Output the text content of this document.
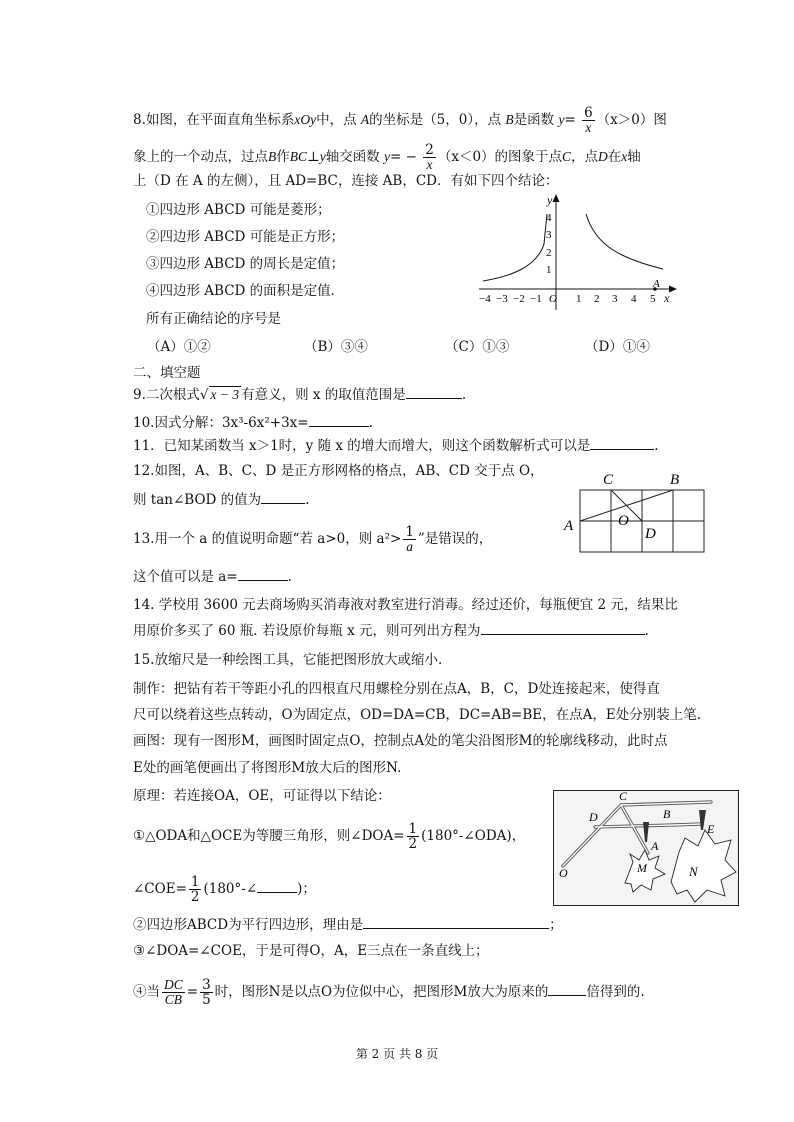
8.如图，在平面直角坐标系xOy中，点 A的坐标是（5，0），点 B是函数 $y= \frac{6}{x} (x>0)$图
象上的一个动点，过点B作BC⊥y轴交函数 $y= - \frac{2}{x} (x<0)$的图象于点C，点D在x轴
上（D 在 A 的左侧），且 AD=BC，连接 AB，CD．有如下四个结论：
①四边形 ABCD 可能是菱形；
②四边形 ABCD 可能是正方形；
③四边形 ABCD 的周长是定值；
④四边形 ABCD 的面积是定值．
所有正确结论的序号是
（A）①②	（B）③④	（C）①③	（D）①④
y
x
A
4
3
2
1
−4 −3 −2 −1 O 1 2 3 4 5
二、填空题
9.二次根式√ x − 3 有意义，则 x 的取值范围是	.
10.因式分解：3x³-6x²+3x=	.
11．已知某函数当 x＞1时，y 随 x 的增大而增大，则这个函数解析式可以是	.
12.如图，A、B、C、D 是正方形网格的格点，AB、CD 交于点 O，
则 tan∠BOD 的值为	.
C	B
A	O
D
13.用一个 a 的值说明命题“若 a>0，则 $a^2> \frac{1}{a}$ ”是错误的，
这个值可以是 a=	.
14. 学校用 3600 元去商场购买消毒液对教室进行消毒。经过还价，每瓶便宜 2 元，结果比
用原价多买了 60 瓶. 若设原价每瓶 x 元，则可列出方程为	.
15.放缩尺是一种绘图工具，它能把图形放大或缩小.
制作：把钻有若干等距小孔的四根直尺用螺栓分别在点A，B，C，D处连接起来，使得直
尺可以绕着这些点转动，O为固定点，OD=DA=CB，DC=AB=BE，在点A，E处分别装上笔.
画图：现有一图形M，画图时固定点O，控制点A处的笔尖沿图形M的轮廓线移动，此时点
E处的画笔便画出了将图形M放大后的图形N.
原理：若连接OA，OE，可证得以下结论：
①△ODA和△OCE为等腰三角形，则∠DOA= $\frac{1}{2}$ (180°-∠ODA)，
∠COE= $\frac{1}{2}$ (180°-∠	)；
②四边形ABCD为平行四边形，理由是	；
③∠DOA=∠COE，于是可得O，A，E三点在一条直线上；
④当 $\frac{DC}{CB} = \frac{3}{5}$ 时，图形N是以点O为位似中心，把图形M放大为原来的	倍得到的.
C
B
D
A
E
M	N
O
第 2 页 共 8 页
